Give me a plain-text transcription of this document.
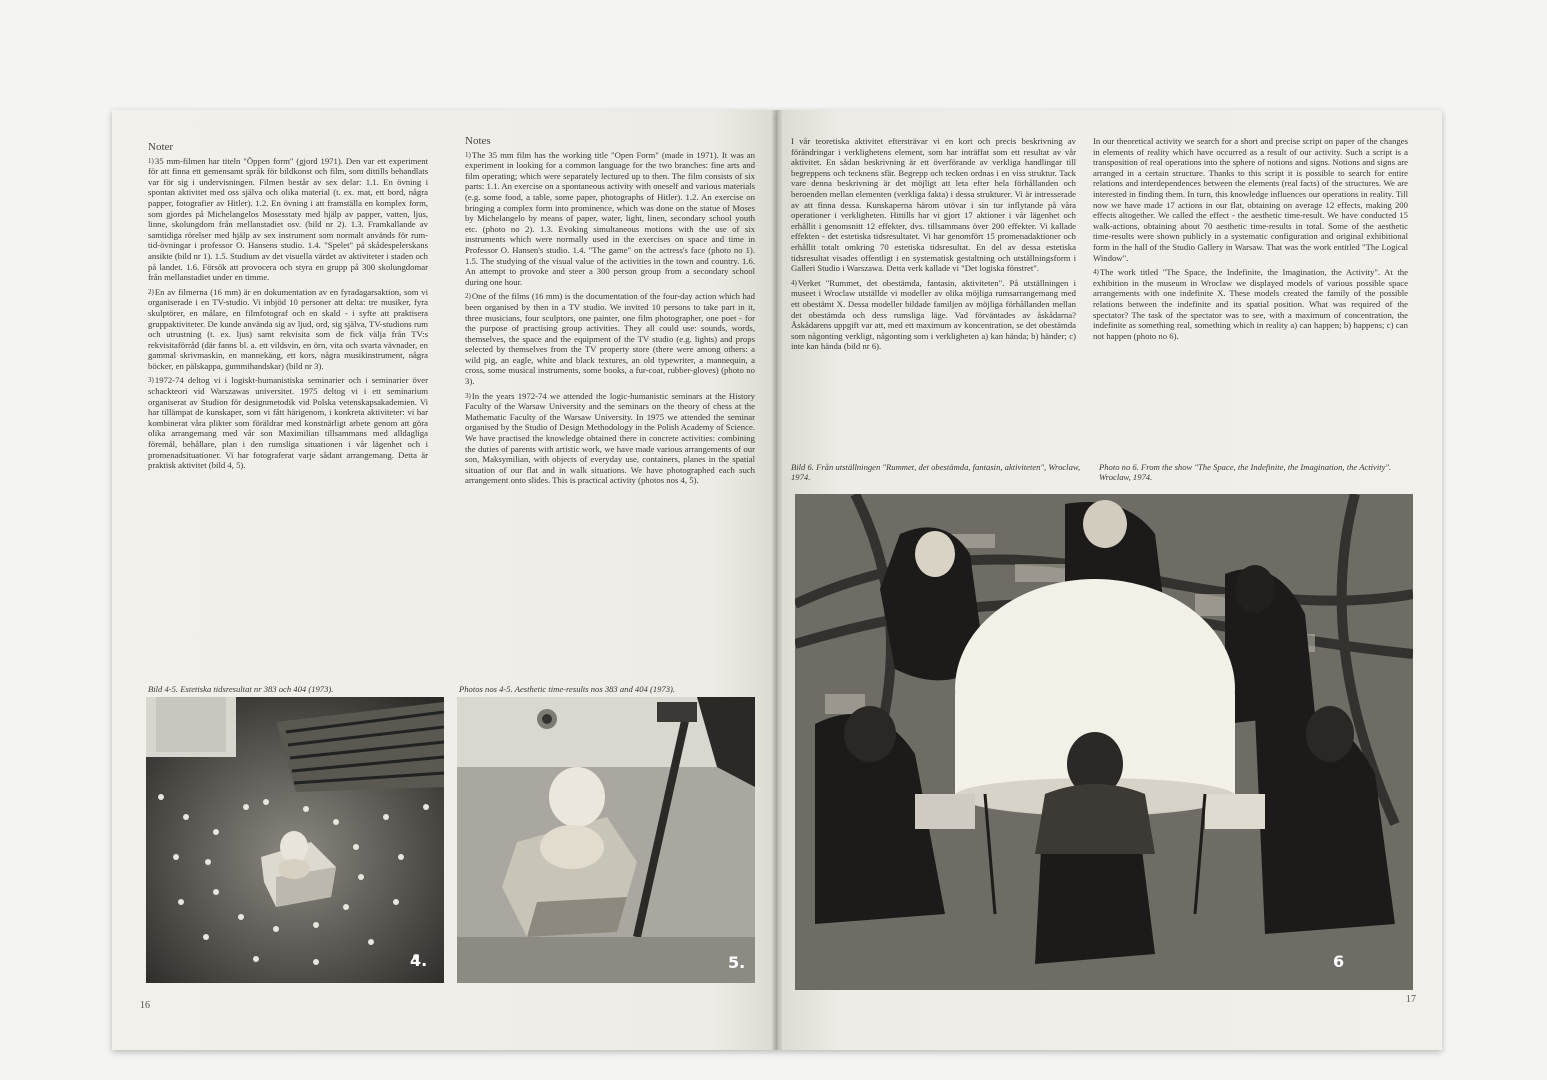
Noter

$^{1)}$35 mm-filmen har titeln "Öppen form" (gjord 1971). Den var ett experiment för att finna ett gemensamt språk för bildkonst och film, som dittills behandlats var för sig i undervisningen. Filmen består av sex delar: 1.1. En övning i spontan aktivitet med oss själva och olika material (t. ex. mat, ett bord, några papper, fotografier av Hitler). 1.2. En övning i att framställa en komplex form, som gjordes på Michelangelos Mosesstaty med hjälp av papper, vatten, ljus, linne, skolungdom från mellanstadiet osv. (bild nr 2). 1.3. Framkallande av samtidiga rörelser med hjälp av sex instrument som normalt används för rum-tid-övningar i professor O. Hansens studio. 1.4. "Spelet" på skådespelerskans ansikte (bild nr 1). 1.5. Studium av det visuella värdet av aktiviteter i staden och på landet. 1.6. Försök att provocera och styra en grupp på 300 skolungdomar från mellanstadiet under en timme.

$^{2)}$En av filmerna (16 mm) är en dokumentation av en fyradagarsaktion, som vi organiserade i en TV-studio. Vi inbjöd 10 personer att delta: tre musiker, fyra skulptörer, en målare, en filmfotograf och en skald - i syfte att praktisera gruppaktiviteter. De kunde använda sig av ljud, ord, sig själva, TV-studions rum och utrustning (t. ex. ljus) samt rekvisita som de fick välja från TV:s rekvisitaförråd (där fanns bl. a. ett vildsvin, en örn, vita och svarta vävnader, en gammal skrivmaskin, en mannekäng, ett kors, några musikinstrument, några böcker, en pälskappa, gummihandskar) (bild nr 3).

$^{3)}$1972-74 deltog vi i logiskt-humanistiska seminarier och i seminarier över schackteori vid Warszawas universitet. 1975 deltog vi i ett seminarium organiserat av Studion för designmetodik vid Polska vetenskapsakademien. Vi har tillämpat de kunskaper, som vi fått härigenom, i konkreta aktiviteter: vi har kombinerat våra plikter som föräldrar med konstnärligt arbete genom att göra olika arrangemang med vår son Maximilian tillsammans med alldagliga föremål, behållare, plan i den rumsliga situationen i vår lägenhet och i promenadsituationer. Vi har fotograferat varje sådant arrangemang. Detta är praktisk aktivitet (bild 4, 5).

Notes

$^{1)}$The 35 mm film has the working title "Open Form" (made in 1971). It was an experiment in looking for a common language for the two branches: fine arts and film operating; which were separately lectured up to then. The film consists of six parts: 1.1. An exercise on a spontaneous activity with oneself and various materials (e.g. some food, a table, some paper, photographs of Hitler). 1.2. An exercise on bringing a complex form into prominence, which was done on the statue of Moses by Michelangelo by means of paper, water, light, linen, secondary school youth etc. (photo no 2). 1.3. Evoking simultaneous motions with the use of six instruments which were normally used in the exercises on space and time in Professor O. Hansen's studio. 1.4. "The game" on the actress's face (photo no 1). 1.5. The studying of the visual value of the activities in the town and country. 1.6. An attempt to provoke and steer a 300 person group from a secondary school during one hour.

$^{2)}$One of the films (16 mm) is the documentation of the four-day action which had been organised by then in a TV studio. We invited 10 persons to take part in it, three musicians, four sculptors, one painter, one film photographer, one poet - for the purpose of practising group activities. They all could use: sounds, words, themselves, the space and the equipment of the TV studio (e.g. lights) and props selected by themselves from the TV property store (there were among others: a wild pig, an eagle, white and black textures, an old typewriter, a mannequin, a cross, some musical instruments, some books, a fur-coat, rubber-gloves) (photo no 3).

$^{3)}$In the years 1972-74 we attended the logic-humanistic seminars at the History Faculty of the Warsaw University and the seminars on the theory of chess at the Mathematic Faculty of the Warsaw University. In 1975 we attended the seminar organised by the Studio of Design Methodology in the Polish Academy of Science. We have practised the knowledge obtained there in concrete activities: combining the duties of parents with artistic work, we have made various arrangements of our son, Maksymilian, with objects of everyday use, containers, planes in the spatial situation of our flat and in walk situations. We have photographed each such arrangement onto slides. This is practical activity (photos nos 4, 5).

Bild 4-5. Estetiska tidsresultat nr 383 och 404 (1973).	Photos nos 4-5. Aesthetic time-results nos 383 and 404 (1973).
4.	5.
16

I vår teoretiska aktivitet eftersträvar vi en kort och precis beskrivning av förändringar i verklighetens element, som har inträffat som ett resultat av vår aktivitet. En sådan beskrivning är ett överförande av verkliga handlingar till begreppens och tecknens sfär. Begrepp och tecken ordnas i en viss struktur. Tack vare denna beskrivning är det möjligt att leta efter hela förhållanden och beroenden mellan elementen (verkliga fakta) i dessa strukturer. Vi är intresserade av att finna dessa. Kunskaperna härom utövar i sin tur inflytande på våra operationer i verkligheten. Hittills har vi gjort 17 aktioner i vår lägenhet och erhållit i genomsnitt 12 effekter, dvs. tillsammans över 200 effekter. Vi kallade effekten - det estetiska tidsresultatet. Vi har genomfört 15 promenadaktioner och erhållit totalt omkring 70 estetiska tidsresultat. En del av dessa estetiska tidsresultat visades offentligt i en systematisk gestaltning och utställningsform i Galleri Studio i Warszawa. Detta verk kallade vi "Det logiska fönstret".

$^{4)}$Verket "Rummet, det obestämda, fantasin, aktiviteten". På utställningen i museet i Wroclaw utställde vi modeller av olika möjliga rumsarrangemang med ett obestämt X. Dessa modeller bildade familjen av möjliga förhållanden mellan det obestämda och dess rumsliga läge. Vad förväntades av åskådarna? Åskådarens uppgift var att, med ett maximum av koncentration, se det obestämda som någonting verkligt, någonting som i verkligheten a) kan hända; b) händer; c) inte kan hända (bild nr 6).

In our theoretical activity we search for a short and precise script on paper of the changes in elements of reality which have occurred as a result of our activity. Such a script is a transposition of real operations into the sphere of notions and signs. Notions and signs are arranged in a certain structure. Thanks to this script it is possible to search for entire relations and interdependences between the elements (real facts) of the structures. We are interested in finding them. In turn, this knowledge influences our operations in reality. Till now we have made 17 actions in our flat, obtaining on average 12 effects, making 200 effects altogether. We called the effect - the aesthetic time-result. We have conducted 15 walk-actions, obtaining about 70 aesthetic time-results in total. Some of the aesthetic time-results were shown publicly in a systematic configuration and original exhibitional form in the hall of the Studio Gallery in Warsaw. That was the work entitled "The Logical Window".

$^{4)}$The work titled "The Space, the Indefinite, the Imagination, the Activity". At the exhibition in the museum in Wroclaw we displayed models of various possible space arrangements with one indefinite X. These models created the family of the possible relations between the indefinite and its spatial position. What was required of the spectator? The task of the spectator was to see, with a maximum of concentration, the indefinite as something real, something which in reality a) can happen; b) happens; c) can not happen (photo no 6).

Bild 6. Från utställningen "Rummet, det obestämda, fantasin, aktiviteten", Wroclaw, 1974.
Photo no 6. From the show "The Space, the Indefinite, the Imagination, the Activity". Wroclaw, 1974.
6
17
